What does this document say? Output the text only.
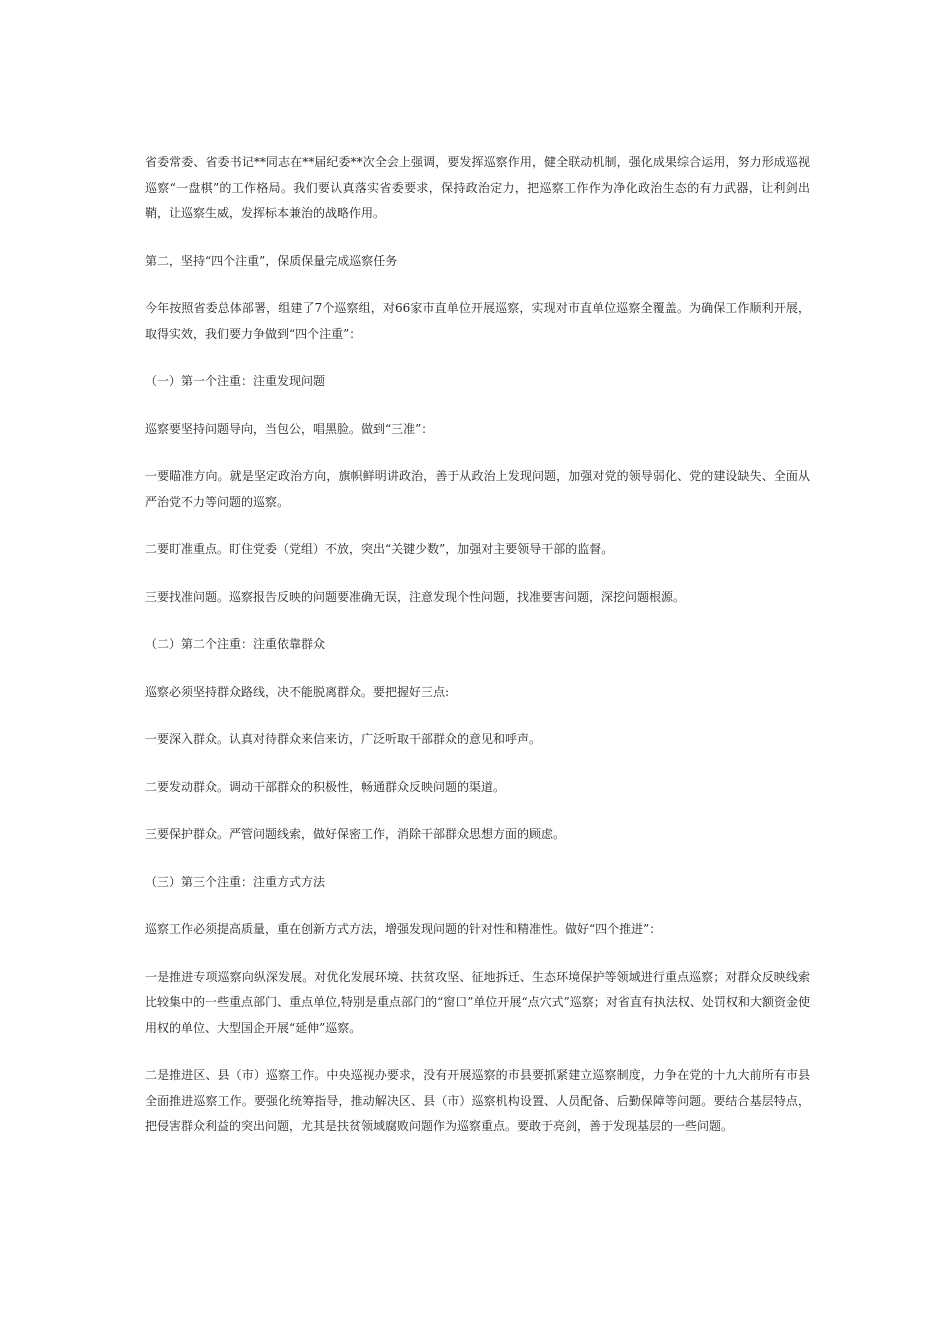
省委常委、省委书记**同志在**届纪委**次全会上强调，要发挥巡察作用，健全联动机制，强化成果综合运用，努力形成巡视巡察“一盘棋”的工作格局。我们要认真落实省委要求，保持政治定力，把巡察工作作为净化政治生态的有力武器，让利剑出鞘，让巡察生威，发挥标本兼治的战略作用。

第二，坚持“四个注重”，保质保量完成巡察任务

今年按照省委总体部署，组建了7个巡察组，对66家市直单位开展巡察，实现对市直单位巡察全覆盖。为确保工作顺利开展，取得实效，我们要力争做到“四个注重”：

（一）第一个注重：注重发现问题

巡察要坚持问题导向，当包公，唱黑脸。做到“三准”：

一要瞄准方向。就是坚定政治方向，旗帜鲜明讲政治，善于从政治上发现问题，加强对党的领导弱化、党的建设缺失、全面从严治党不力等问题的巡察。

二要盯准重点。盯住党委（党组）不放，突出“关键少数”，加强对主要领导干部的监督。

三要找准问题。巡察报告反映的问题要准确无误，注意发现个性问题，找准要害问题，深挖问题根源。

（二）第二个注重：注重依靠群众

巡察必须坚持群众路线，决不能脱离群众。要把握好三点:

一要深入群众。认真对待群众来信来访，广泛听取干部群众的意见和呼声。

二要发动群众。调动干部群众的积极性，畅通群众反映问题的渠道。

三要保护群众。严管问题线索，做好保密工作，消除干部群众思想方面的顾虑。

（三）第三个注重：注重方式方法

巡察工作必须提高质量，重在创新方式方法，增强发现问题的针对性和精准性。做好“四个推进”：

一是推进专项巡察向纵深发展。对优化发展环境、扶贫攻坚、征地拆迁、生态环境保护等领域进行重点巡察；对群众反映线索比较集中的一些重点部门、重点单位,特别是重点部门的“窗口”单位开展“点穴式”巡察；对省直有执法权、处罚权和大额资金使用权的单位、大型国企开展“延伸”巡察。

二是推进区、县（市）巡察工作。中央巡视办要求，没有开展巡察的市县要抓紧建立巡察制度，力争在党的十九大前所有市县全面推进巡察工作。要强化统筹指导，推动解决区、县（市）巡察机构设置、人员配备、后勤保障等问题。要结合基层特点，把侵害群众利益的突出问题，尤其是扶贫领域腐败问题作为巡察重点。要敢于亮剑，善于发现基层的一些问题。
